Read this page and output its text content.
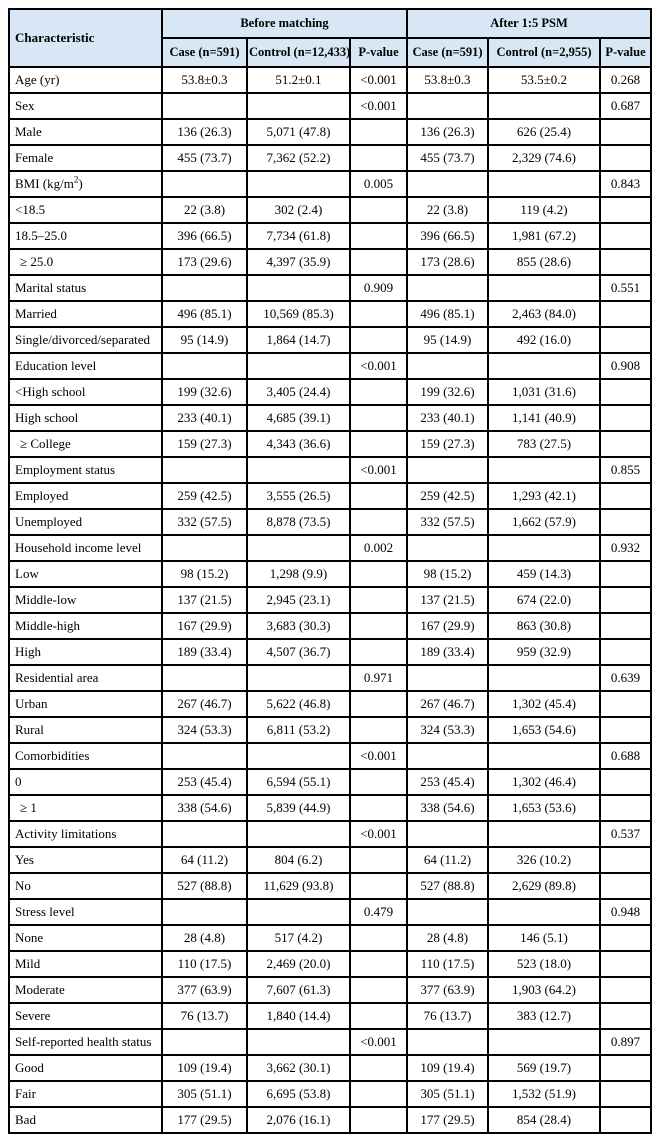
Characteristic	Before matching			After 1:5 PSM		
	Case (n=591)	Control (n=12,433)	P-value	Case (n=591)	Control (n=2,955)	P-value
Age (yr)	53.8±0.3	51.2±0.1	<0.001	53.8±0.3	53.5±0.2	0.268
Sex			<0.001			0.687
Male	136 (26.3)	5,071 (47.8)		136 (26.3)	626 (25.4)	
Female	455 (73.7)	7,362 (52.2)		455 (73.7)	2,329 (74.6)	
BMI $(kg/m^2)$			0.005			0.843
<18.5	22 (3.8)	302 (2.4)		22 (3.8)	119 (4.2)	
18.5–25.0	396 (66.5)	7,734 (61.8)		396 (66.5)	1,981 (67.2)	
≥ 25.0	173 (29.6)	4,397 (35.9)		173 (28.6)	855 (28.6)	
Marital status			0.909			0.551
Married	496 (85.1)	10,569 (85.3)		496 (85.1)	2,463 (84.0)	
Single/divorced/separated	95 (14.9)	1,864 (14.7)		95 (14.9)	492 (16.0)	
Education level			<0.001			0.908
<High school	199 (32.6)	3,405 (24.4)		199 (32.6)	1,031 (31.6)	
High school	233 (40.1)	4,685 (39.1)		233 (40.1)	1,141 (40.9)	
≥ College	159 (27.3)	4,343 (36.6)		159 (27.3)	783 (27.5)	
Employment status			<0.001			0.855
Employed	259 (42.5)	3,555 (26.5)		259 (42.5)	1,293 (42.1)	
Unemployed	332 (57.5)	8,878 (73.5)		332 (57.5)	1,662 (57.9)	
Household income level			0.002			0.932
Low	98 (15.2)	1,298 (9.9)		98 (15.2)	459 (14.3)	
Middle-low	137 (21.5)	2,945 (23.1)		137 (21.5)	674 (22.0)	
Middle-high	167 (29.9)	3,683 (30.3)		167 (29.9)	863 (30.8)	
High	189 (33.4)	4,507 (36.7)		189 (33.4)	959 (32.9)	
Residential area			0.971			0.639
Urban	267 (46.7)	5,622 (46.8)		267 (46.7)	1,302 (45.4)	
Rural	324 (53.3)	6,811 (53.2)		324 (53.3)	1,653 (54.6)	
Comorbidities			<0.001			0.688
0	253 (45.4)	6,594 (55.1)		253 (45.4)	1,302 (46.4)	
≥ 1	338 (54.6)	5,839 (44.9)		338 (54.6)	1,653 (53.6)	
Activity limitations			<0.001			0.537
Yes	64 (11.2)	804 (6.2)		64 (11.2)	326 (10.2)	
No	527 (88.8)	11,629 (93.8)		527 (88.8)	2,629 (89.8)	
Stress level			0.479			0.948
None	28 (4.8)	517 (4.2)		28 (4.8)	146 (5.1)	
Mild	110 (17.5)	2,469 (20.0)		110 (17.5)	523 (18.0)	
Moderate	377 (63.9)	7,607 (61.3)		377 (63.9)	1,903 (64.2)	
Severe	76 (13.7)	1,840 (14.4)		76 (13.7)	383 (12.7)	
Self-reported health status			<0.001			0.897
Good	109 (19.4)	3,662 (30.1)		109 (19.4)	569 (19.7)	
Fair	305 (51.1)	6,695 (53.8)		305 (51.1)	1,532 (51.9)	
Bad	177 (29.5)	2,076 (16.1)		177 (29.5)	854 (28.4)	
